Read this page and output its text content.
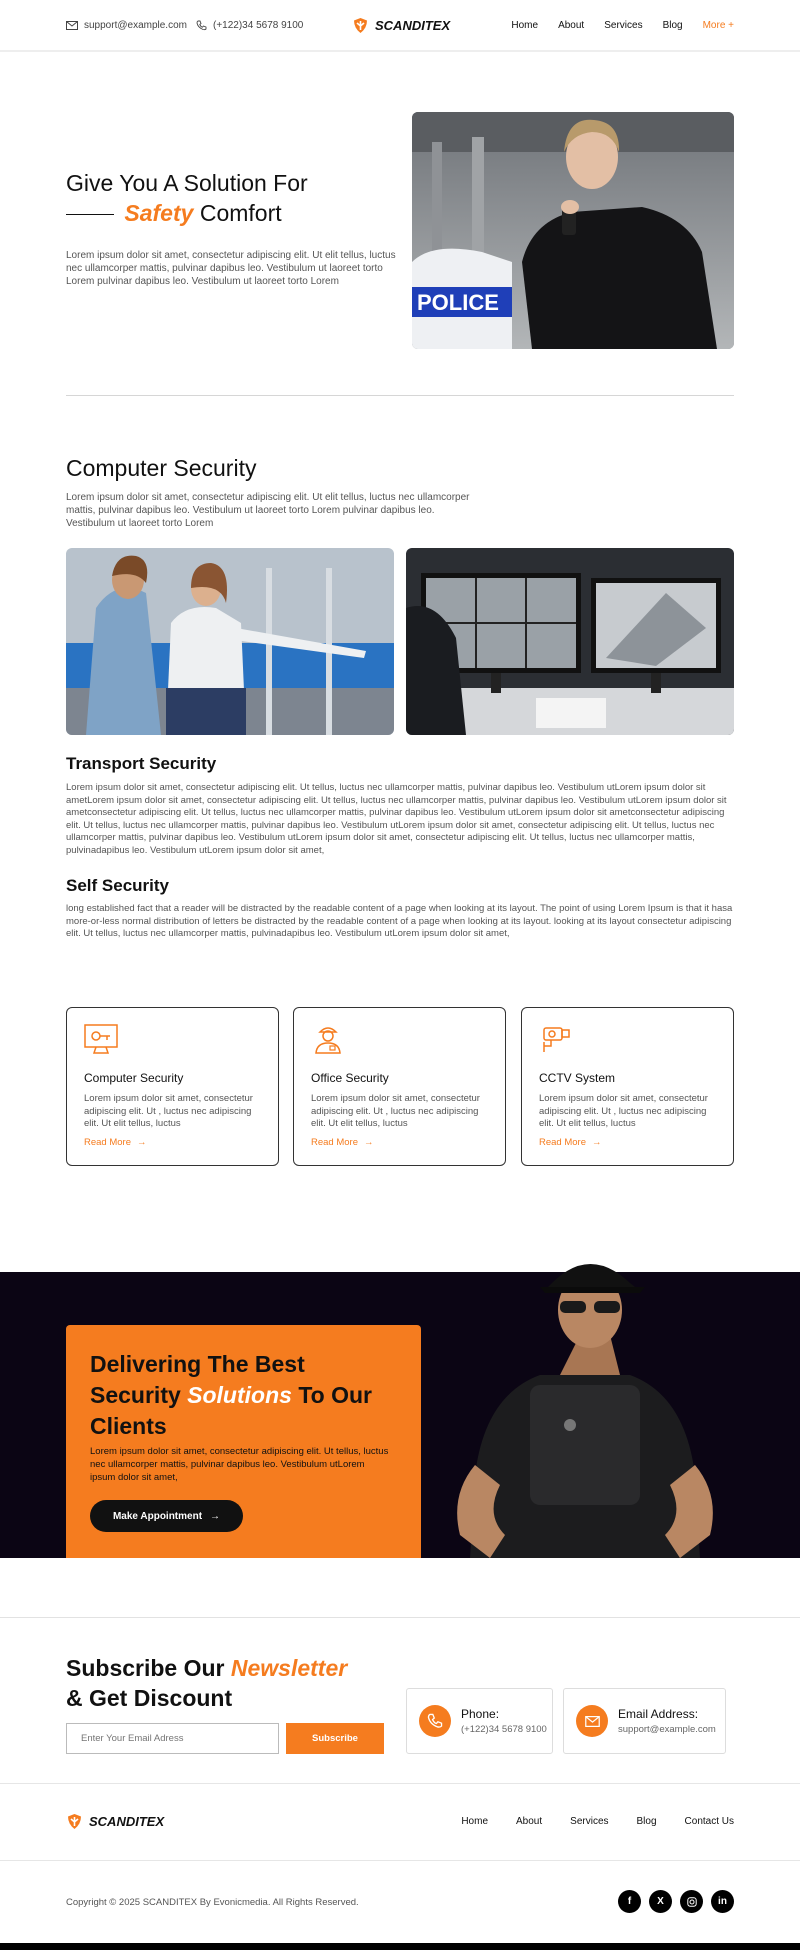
support@example.com	(+122)34 5678 9100	SCANDITEX	Home About Services Blog More +
Give You A Solution For
Safety Comfort

Lorem ipsum dolor sit amet, consectetur adipiscing elit. Ut elit tellus, luctus nec ullamcorper mattis, pulvinar dapibus leo. Vestibulum ut laoreet torto Lorem pulvinar dapibus leo. Vestibulum ut laoreet torto Lorem

POLICE
Computer Security

Lorem ipsum dolor sit amet, consectetur adipiscing elit. Ut elit tellus, luctus nec ullamcorper mattis, pulvinar dapibus leo. Vestibulum ut laoreet torto Lorem pulvinar dapibus leo. Vestibulum ut laoreet torto Lorem

Transport Security

Lorem ipsum dolor sit amet, consectetur adipiscing elit. Ut tellus, luctus nec ullamcorper mattis, pulvinar dapibus leo. Vestibulum utLorem ipsum dolor sit ametLorem ipsum dolor sit amet, consectetur adipiscing elit. Ut tellus, luctus nec ullamcorper mattis, pulvinar dapibus leo. Vestibulum utLorem ipsum dolor sit ametconsectetur adipiscing elit. Ut tellus, luctus nec ullamcorper mattis, pulvinar dapibus leo. Vestibulum utLorem ipsum dolor sit ametconsectetur adipiscing elit. Ut tellus, luctus nec ullamcorper mattis, pulvinar dapibus leo. Vestibulum utLorem ipsum dolor sit amet, consectetur adipiscing elit. Ut tellus, luctus nec ullamcorper mattis, pulvinar dapibus leo. Vestibulum utLorem ipsum dolor sit amet, consectetur adipiscing elit. Ut tellus, luctus nec ullamcorper mattis, pulvinadapibus leo. Vestibulum utLorem ipsum dolor sit amet,

Self Security

long established fact that a reader will be distracted by the readable content of a page when looking at its layout. The point of using Lorem Ipsum is that it hasa more-or-less normal distribution of letters be distracted by the readable content of a page when looking at its layout. looking at its layout consectetur adipiscing elit. Ut tellus, luctus nec ullamcorper mattis, pulvinadapibus leo. Vestibulum utLorem ipsum dolor sit amet,

Computer Security
Lorem ipsum dolor sit amet, consectetur adipiscing elit. Ut , luctus nec adipiscing elit. Ut elit tellus, luctus
Read More →
Office Security
Lorem ipsum dolor sit amet, consectetur adipiscing elit. Ut , luctus nec adipiscing elit. Ut elit tellus, luctus
Read More →
CCTV System
Lorem ipsum dolor sit amet, consectetur adipiscing elit. Ut , luctus nec adipiscing elit. Ut elit tellus, luctus
Read More →
Delivering The Best
Security Solutions To Our
Clients

Lorem ipsum dolor sit amet, consectetur adipiscing elit. Ut tellus, luctus nec ullamcorper mattis, pulvinar dapibus leo. Vestibulum utLorem ipsum dolor sit amet,

Make Appointment →
Subscribe Our Newsletter
& Get Discount
Enter Your Email Adress
Subscribe
Phone:
(+122)34 5678 9100
Email Address:
support@example.com
SCANDITEX	Home	About	Services	Blog	Contact Us

Copyright © 2025 SCANDITEX By Evonicmedia. All Rights Reserved.	f	X	in
